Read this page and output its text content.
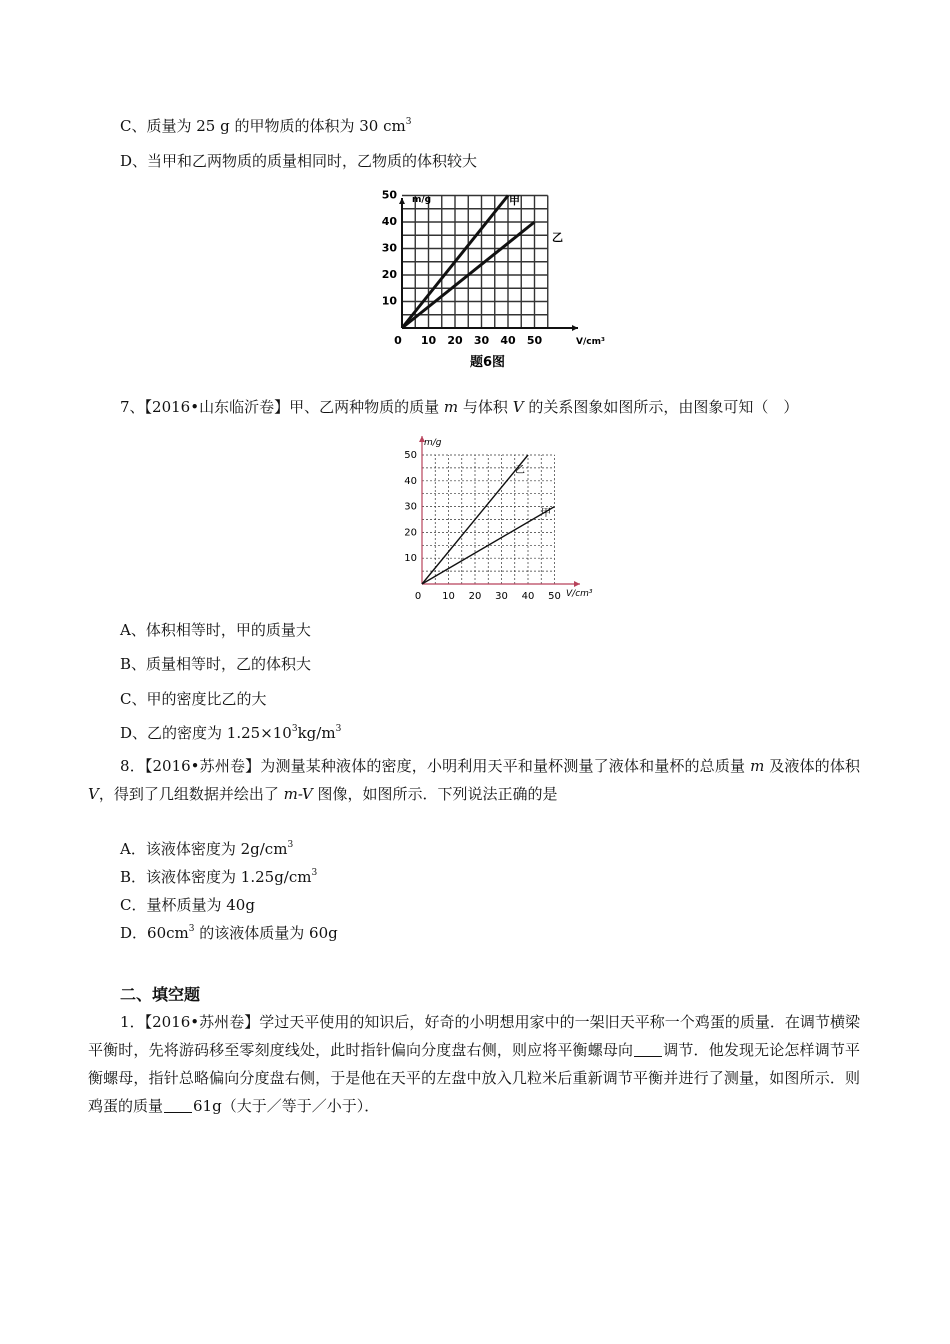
C、质量为 25 g 的甲物质的体积为 30 $cm^3$
D、当甲和乙两物质的质量相同时，乙物质的体积较大
50
40
30
20
10
0 10 20 30 40 50
m/g
V/cm³
甲
乙
题6图
7、【2016•山东临沂卷】甲、乙两种物质的质量 m 与体积 V 的关系图象如图所示，由图象可知（　）
50
40
30
20
10
0 10 20 30 40 50
m/g
V/cm³
乙
甲
A、体积相等时，甲的质量大
B、质量相等时，乙的体积大
C、甲的密度比乙的大
D、乙的密度为 $1.25\times 10^3kg/m^3$
8．【2016•苏州卷】为测量某种液体的密度，小明利用天平和量杯测量了液体和量杯的总质量 m 及液体的体积 V，得到了几组数据并绘出了 m-V 图像，如图所示．下列说法正确的是
A．该液体密度为 $2g/cm^3$
B．该液体密度为 $1.25g/cm^3$
C．量杯质量为 40g
D．$60cm^3$ 的该液体质量为 60g
二、填空题
1．【2016•苏州卷】学过天平使用的知识后，好奇的小明想用家中的一架旧天平称一个鸡蛋的质量．在调节横梁平衡时，先将游码移至零刻度线处，此时指针偏向分度盘右侧，则应将平衡螺母向 调节．他发现无论怎样调节平衡螺母，指针总略偏向分度盘右侧，于是他在天平的左盘中放入几粒米后重新调节平衡并进行了测量，如图所示．则鸡蛋的质量 61g（大于／等于／小于）．
